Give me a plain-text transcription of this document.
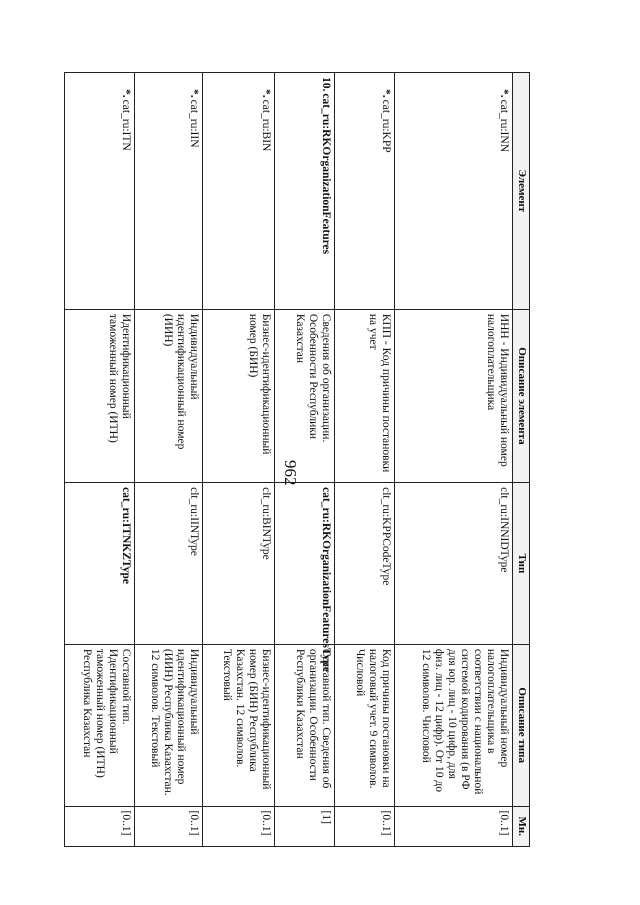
962
Элемент	Описание элемента	Тип	Описание типа	Мн.
*.cat_ru:INN	ИНН - Индивидуальный номер налогоплательщика	clt_ru:INNIDType	Индивидуальный номер налогоплательщика в соответствии с национальной системой кодирования (в РФ для юр. лиц - 10 цифр, для физ. лиц - 12 цифр). От 10 до 12 символов. Числовой	[0..1]
*.cat_ru:KPP	КПП - Код причины постановки на учет	clt_ru:KPPCodeType	Код причины постановки на налоговый учет. 9 символов. Числовой	[0..1]
10.cat_ru:RKOrganizationFeatures	Сведения об организации. Особенности Республики Казахстан	cat_ru:RKOrganizationFeaturesType	Составной тип. Сведения об организации. Особенности Республики Казахстан	[1]
*.cat_ru:BIN	Бизнес-идентификационный номер (БИН)	clt_ru:BINType	Бизнес-идентификационный номер (БИН) Республика Казахстан. 12 символов. Текстовый	[0..1]
*.cat_ru:IIN	Индивидуальный идентификационный номер (ИИН)	clt_ru:IINType	Индивидуальный идентификационный номер (ИИН) Республика Казахстан. 12 символов. Текстовый	[0..1]
*.cat_ru:ITN	Идентификационный таможенный номер (ИТН)	cat_ru:ITNKZType	Составной тип. Идентификационный таможенный номер (ИТН) Республика Казахстан	[0..1]
